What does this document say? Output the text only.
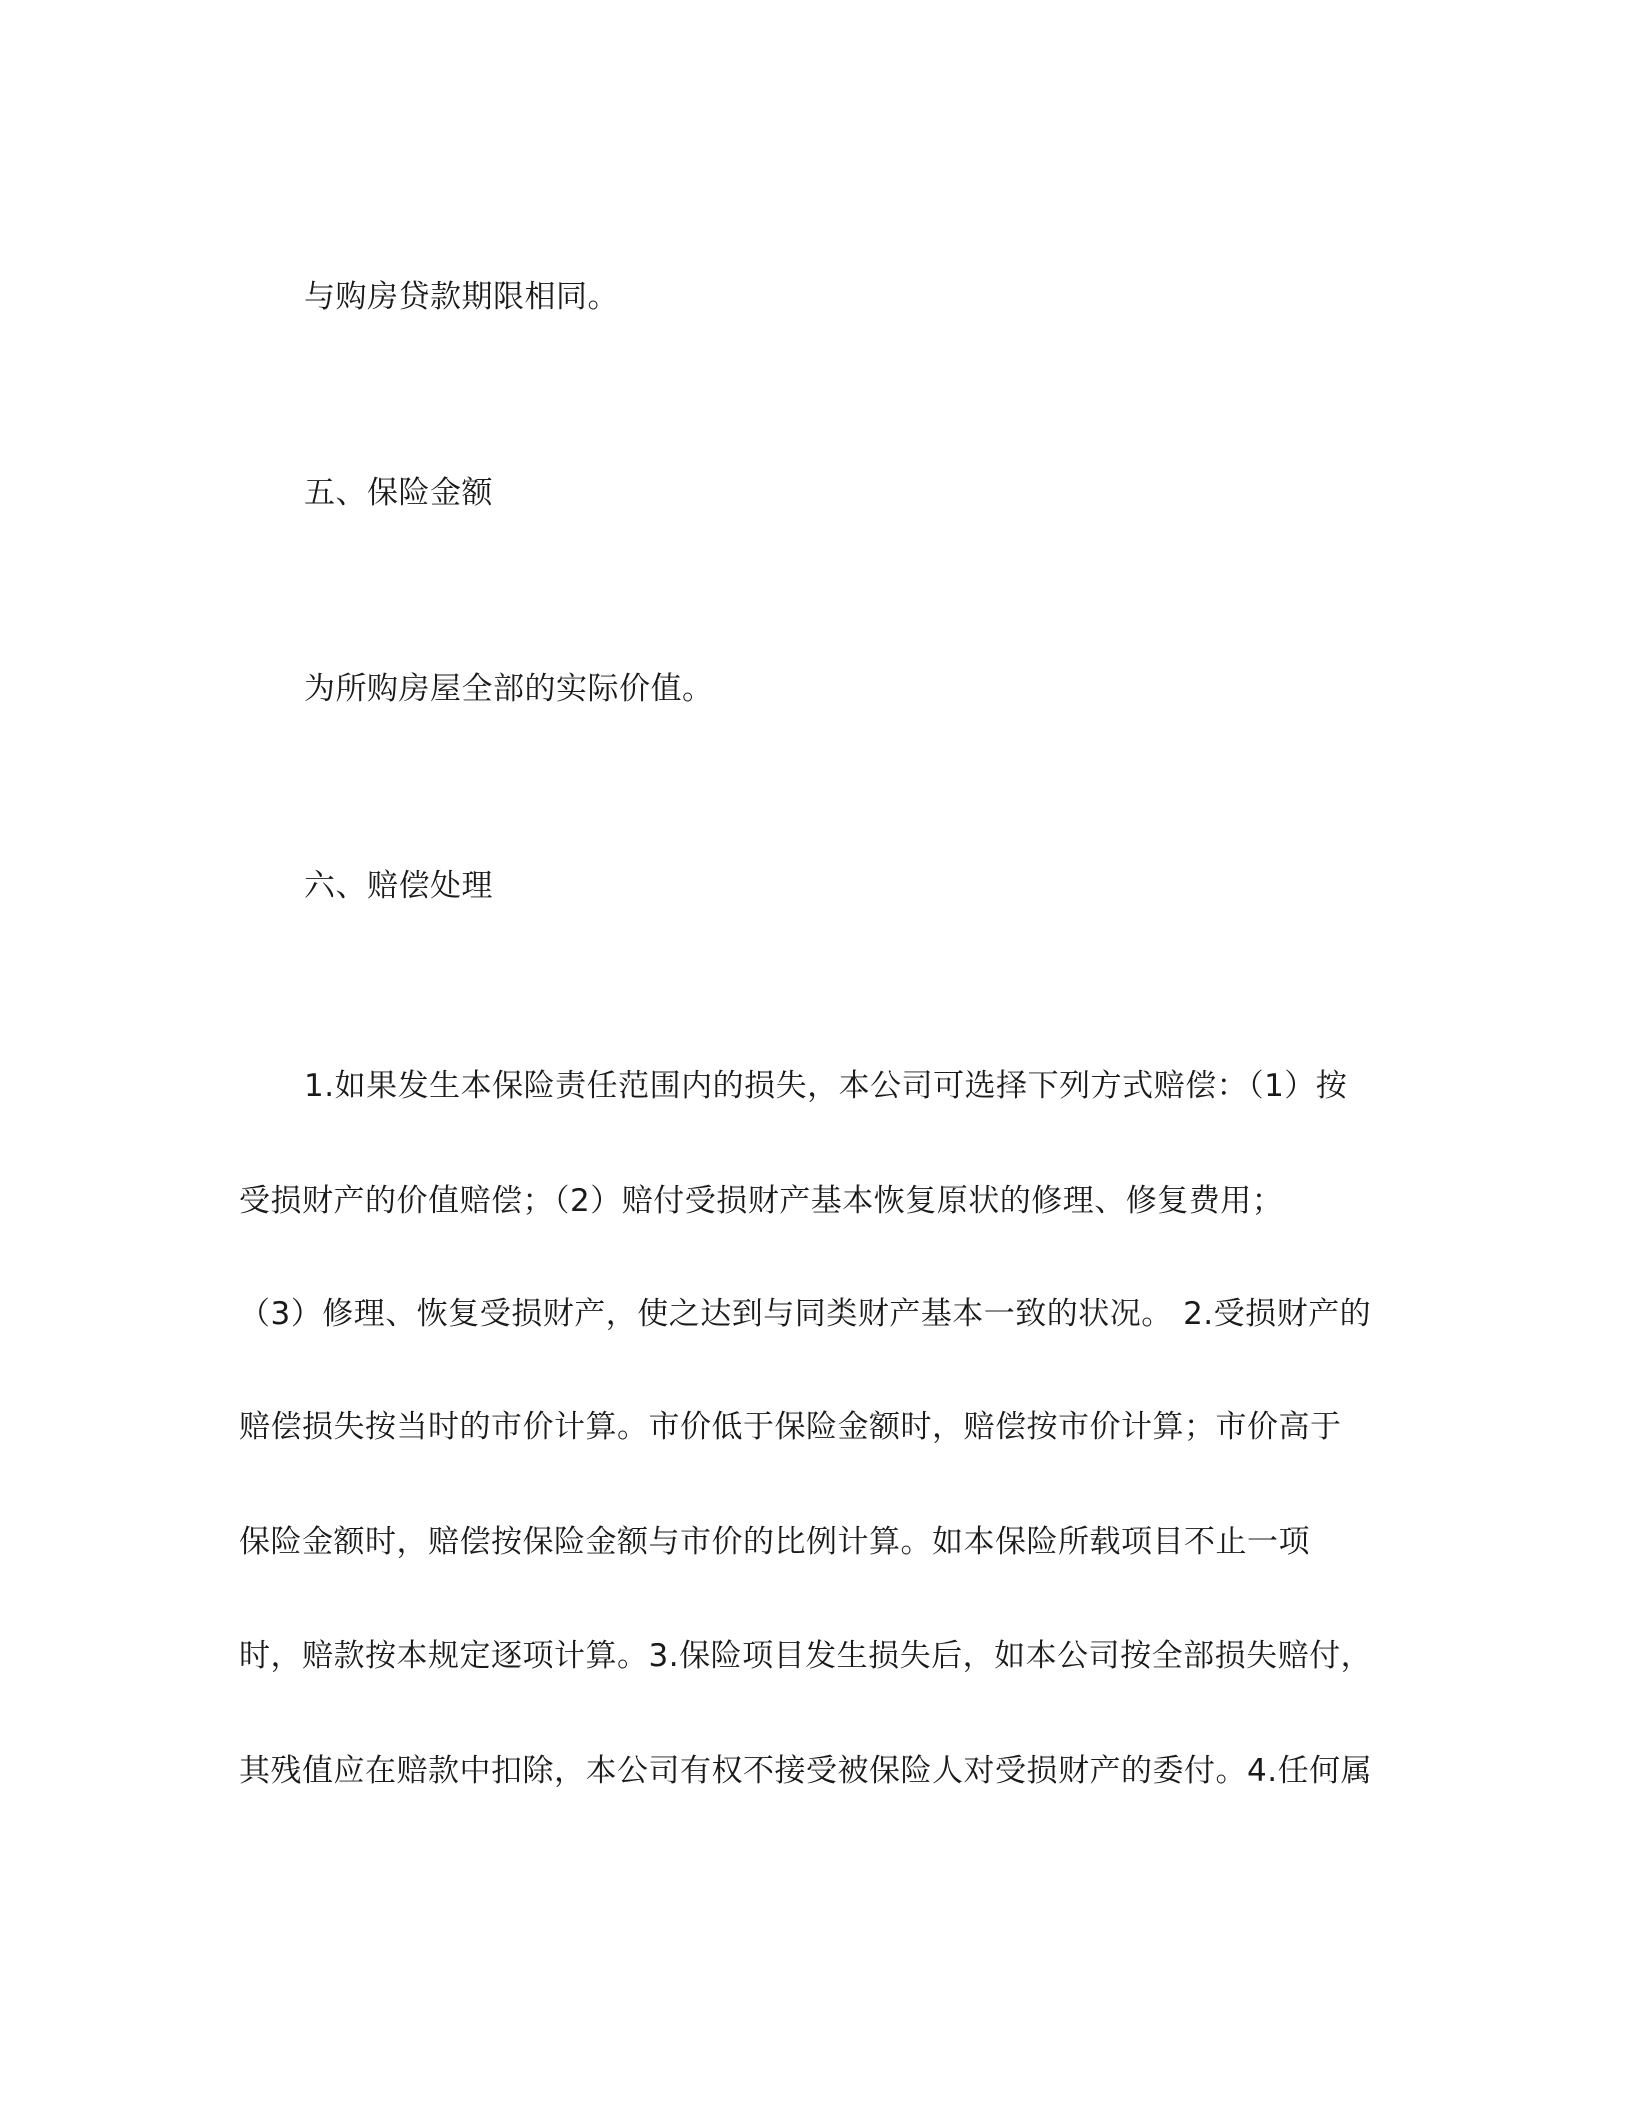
与购房贷款期限相同。
五、保险金额
为所购房屋全部的实际价值。
六、赔偿处理
1.如果发生本保险责任范围内的损失，本公司可选择下列方式赔偿：（1）按
受损财产的价值赔偿；（2）赔付受损财产基本恢复原状的修理、修复费用；
（3）修理、恢复受损财产，使之达到与同类财产基本一致的状况。 2.受损财产的
赔偿损失按当时的市价计算。市价低于保险金额时，赔偿按市价计算；市价高于
保险金额时，赔偿按保险金额与市价的比例计算。如本保险所载项目不止一项
时，赔款按本规定逐项计算。3.保险项目发生损失后，如本公司按全部损失赔付，
其残值应在赔款中扣除，本公司有权不接受被保险人对受损财产的委付。4.任何属
